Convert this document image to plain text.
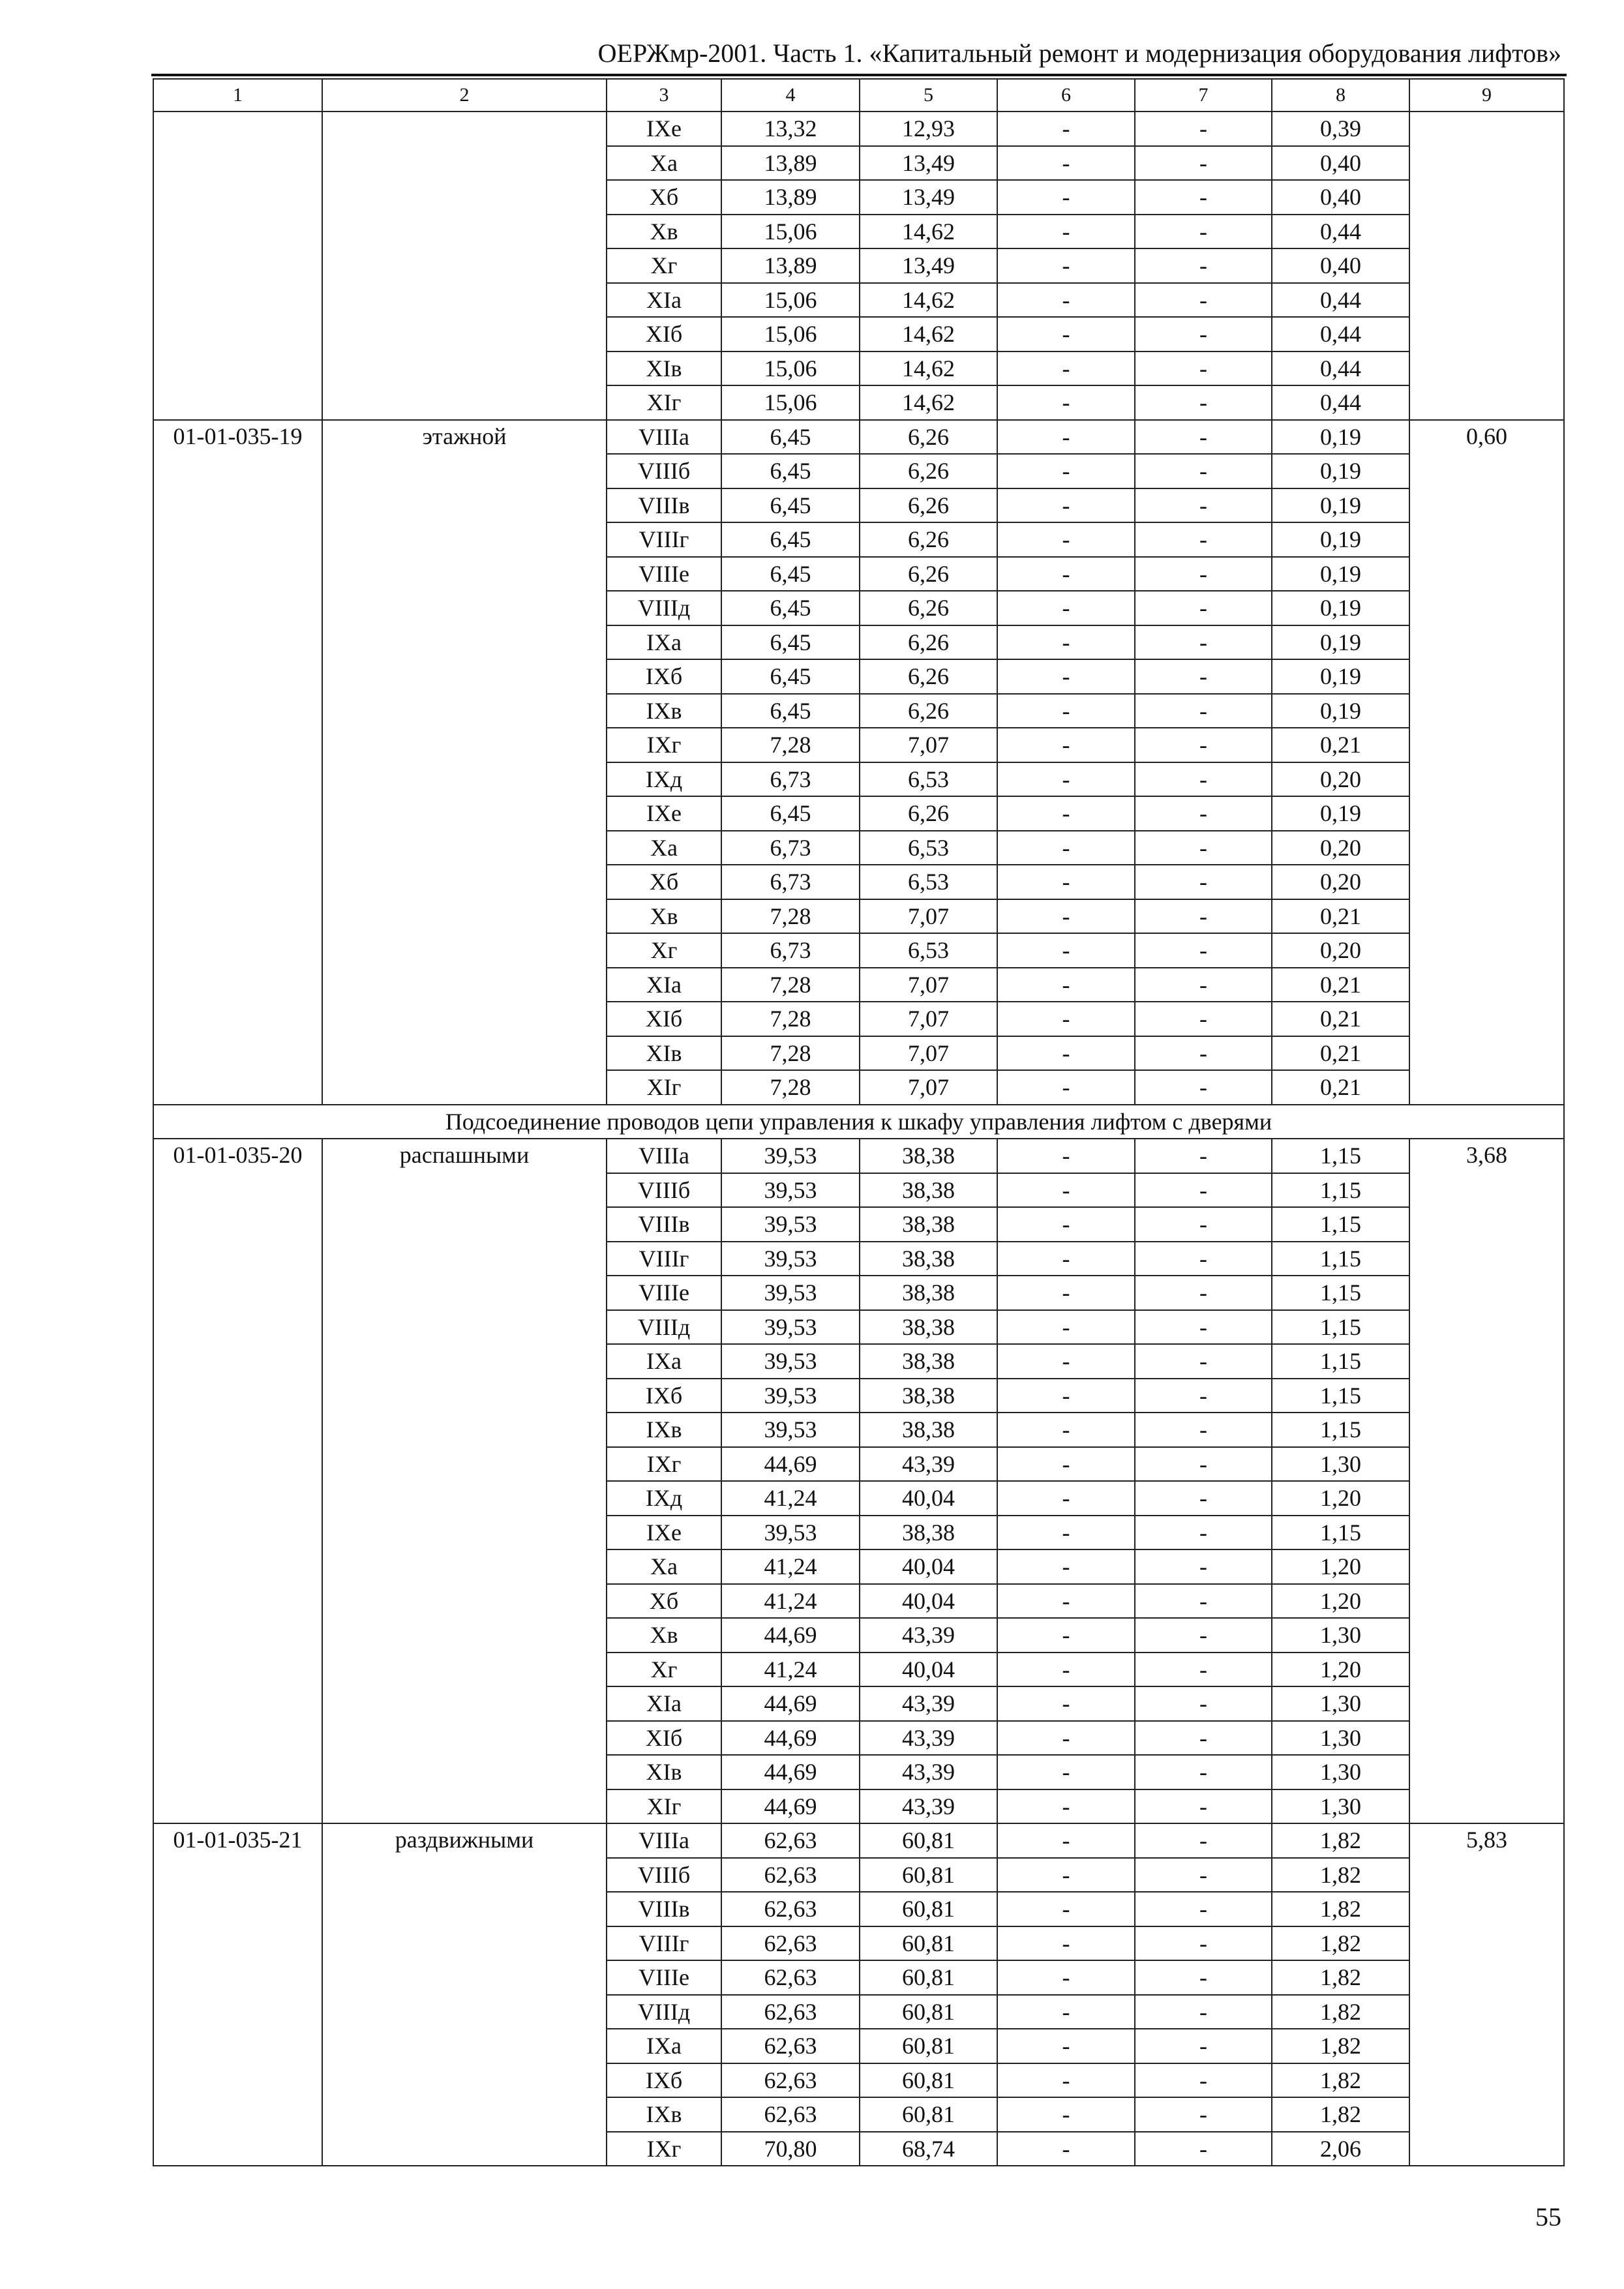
ОЕРЖмр-2001. Часть 1. «Капитальный ремонт и модернизация оборудования лифтов»
1	2	3	4	5	6	7	8	9
		IXe	13,32	12,93	-	-	0,39	
		Xa	13,89	13,49	-	-	0,40	
		Xб	13,89	13,49	-	-	0,40	
		Xв	15,06	14,62	-	-	0,44	
		Xг	13,89	13,49	-	-	0,40	
		XIa	15,06	14,62	-	-	0,44	
		XIб	15,06	14,62	-	-	0,44	
		XIв	15,06	14,62	-	-	0,44	
		XIг	15,06	14,62	-	-	0,44	
01-01-035-19	этажной	VIIIa	6,45	6,26	-	-	0,19	0,60
		VIIIб	6,45	6,26	-	-	0,19	
		VIIIв	6,45	6,26	-	-	0,19	
		VIIIг	6,45	6,26	-	-	0,19	
		VIIIe	6,45	6,26	-	-	0,19	
		VIIIд	6,45	6,26	-	-	0,19	
		IXa	6,45	6,26	-	-	0,19	
		IXб	6,45	6,26	-	-	0,19	
		IXв	6,45	6,26	-	-	0,19	
		IXг	7,28	7,07	-	-	0,21	
		IXд	6,73	6,53	-	-	0,20	
		IXe	6,45	6,26	-	-	0,19	
		Xa	6,73	6,53	-	-	0,20	
		Xб	6,73	6,53	-	-	0,20	
		Xв	7,28	7,07	-	-	0,21	
		Xг	6,73	6,53	-	-	0,20	
		XIa	7,28	7,07	-	-	0,21	
		XIб	7,28	7,07	-	-	0,21	
		XIв	7,28	7,07	-	-	0,21	
		XIг	7,28	7,07	-	-	0,21	
Подсоединение проводов цепи управления к шкафу управления лифтом с дверями								
01-01-035-20	распашными	VIIIa	39,53	38,38	-	-	1,15	3,68
		VIIIб	39,53	38,38	-	-	1,15	
		VIIIв	39,53	38,38	-	-	1,15	
		VIIIг	39,53	38,38	-	-	1,15	
		VIIIe	39,53	38,38	-	-	1,15	
		VIIIд	39,53	38,38	-	-	1,15	
		IXa	39,53	38,38	-	-	1,15	
		IXб	39,53	38,38	-	-	1,15	
		IXв	39,53	38,38	-	-	1,15	
		IXг	44,69	43,39	-	-	1,30	
		IXд	41,24	40,04	-	-	1,20	
		IXe	39,53	38,38	-	-	1,15	
		Xa	41,24	40,04	-	-	1,20	
		Xб	41,24	40,04	-	-	1,20	
		Xв	44,69	43,39	-	-	1,30	
		Xг	41,24	40,04	-	-	1,20	
		XIa	44,69	43,39	-	-	1,30	
		XIб	44,69	43,39	-	-	1,30	
		XIв	44,69	43,39	-	-	1,30	
		XIг	44,69	43,39	-	-	1,30	
01-01-035-21	раздвижными	VIIIa	62,63	60,81	-	-	1,82	5,83
		VIIIб	62,63	60,81	-	-	1,82	
		VIIIв	62,63	60,81	-	-	1,82	
		VIIIг	62,63	60,81	-	-	1,82	
		VIIIe	62,63	60,81	-	-	1,82	
		VIIIд	62,63	60,81	-	-	1,82	
		IXa	62,63	60,81	-	-	1,82	
		IXб	62,63	60,81	-	-	1,82	
		IXв	62,63	60,81	-	-	1,82	
		IXг	70,80	68,74	-	-	2,06	
55
